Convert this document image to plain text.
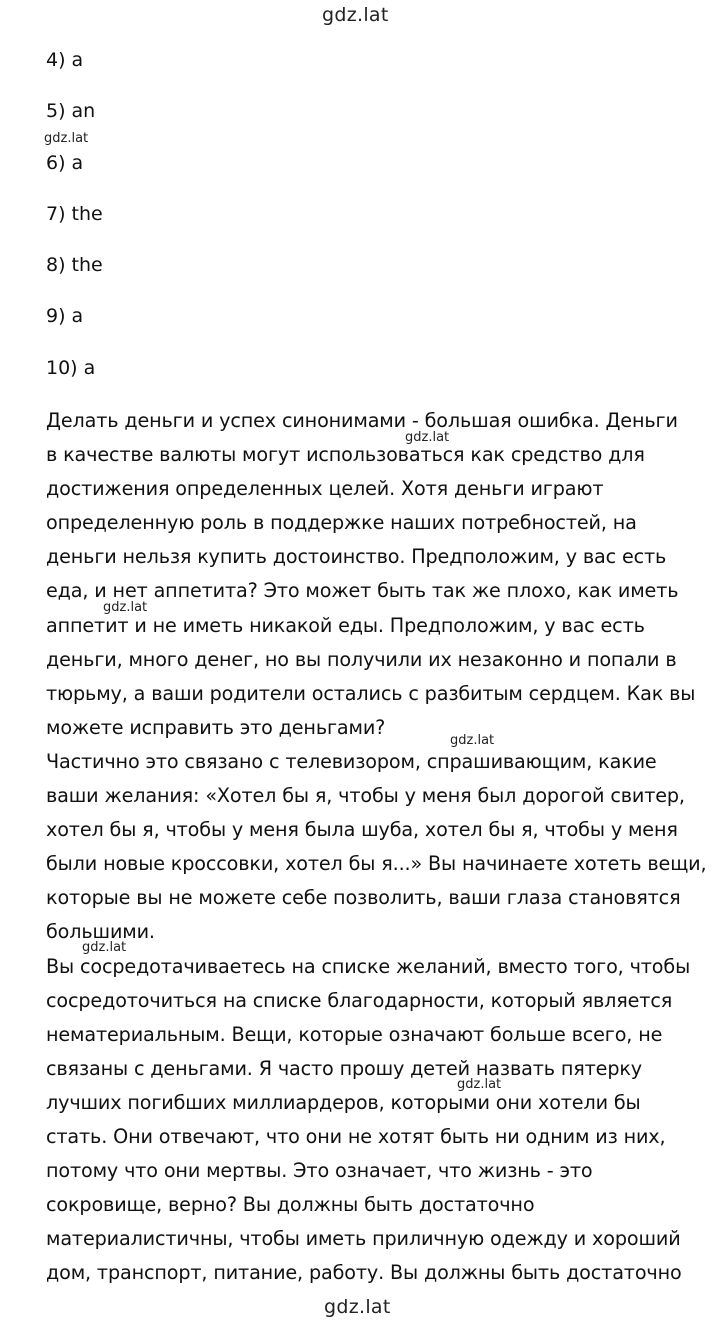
gdz.lat
4) a
5) an
6) a
7) the
8) the
9) a
10) a
Делать деньги и успех синонимами - большая ошибка. Деньги
в качестве валюты могут использоваться как средство для
достижения определенных целей. Хотя деньги играют
определенную роль в поддержке наших потребностей, на
деньги нельзя купить достоинство. Предположим, у вас есть
еда, и нет аппетита? Это может быть так же плохо, как иметь
аппетит и не иметь никакой еды. Предположим, у вас есть
деньги, много денег, но вы получили их незаконно и попали в
тюрьму, а ваши родители остались с разбитым сердцем. Как вы
можете исправить это деньгами?
Частично это связано с телевизором, спрашивающим, какие
ваши желания: «Хотел бы я, чтобы у меня был дорогой свитер,
хотел бы я, чтобы у меня была шуба, хотел бы я, чтобы у меня
были новые кроссовки, хотел бы я...» Вы начинаете хотеть вещи,
которые вы не можете себе позволить, ваши глаза становятся
большими.
Вы сосредотачиваетесь на списке желаний, вместо того, чтобы
сосредоточиться на списке благодарности, который является
нематериальным. Вещи, которые означают больше всего, не
связаны с деньгами. Я часто прошу детей назвать пятерку
лучших погибших миллиардеров, которыми они хотели бы
стать. Они отвечают, что они не хотят быть ни одним из них,
потому что они мертвы. Это означает, что жизнь - это
сокровище, верно? Вы должны быть достаточно
материалистичны, чтобы иметь приличную одежду и хороший
дом, транспорт, питание, работу. Вы должны быть достаточно
gdz.lat
gdz.lat
gdz.lat
gdz.lat
gdz.lat
gdz.lat
gdz.lat
